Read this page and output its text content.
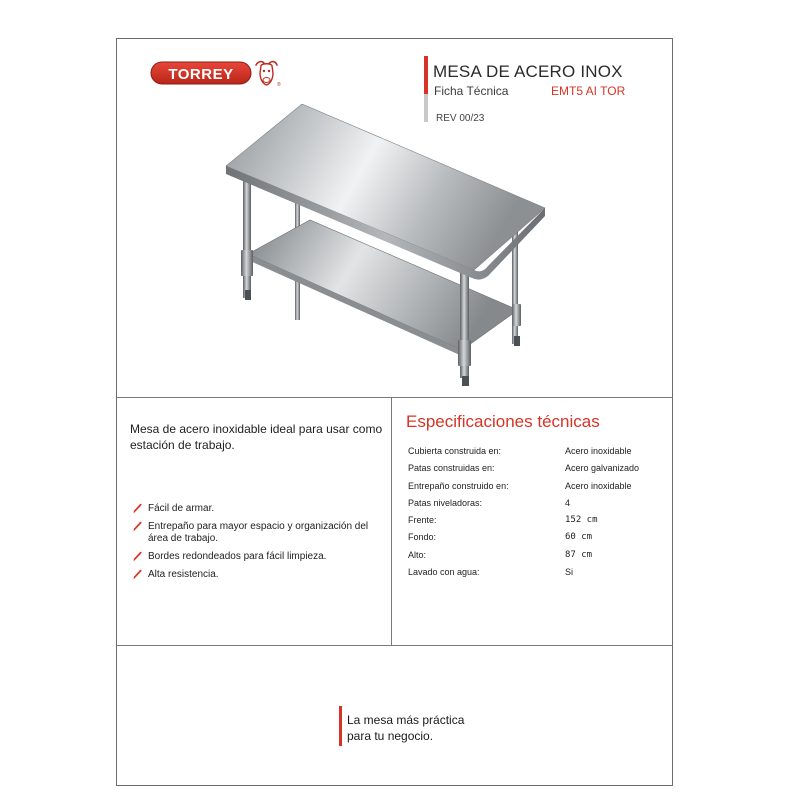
TORREY
®
MESA DE ACERO INOX
Ficha Técnica	EMT5 AI TOR
REV 00/23
Mesa de acero inoxidable ideal para usar como estación de trabajo.
Fácil de armar.
Entrepaño para mayor espacio y organización del área de trabajo.
Bordes redondeados para fácil limpieza.
Alta resistencia.
Especificaciones técnicas
Cubierta construida en:	Acero inoxidable
Patas construidas en:	Acero galvanizado
Entrepaño construido en:	Acero inoxidable
Patas niveladoras:	4
Frente:	152 cm
Fondo:	60 cm
Alto:	87 cm
Lavado con agua:	Si
La mesa más práctica
para tu negocio.
